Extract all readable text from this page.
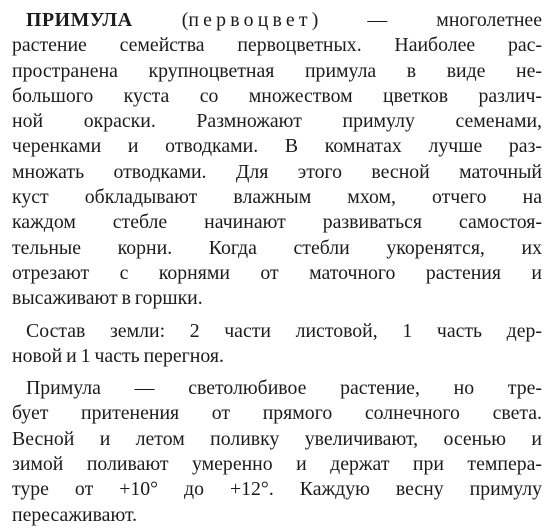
ПРИМУЛА (первоцвет) — многолетнее
растение семейства первоцветных. Наиболее рас-
пространена крупноцветная примула в виде не-
большого куста со множеством цветков различ-
ной окраски. Размножают примулу семенами,
черенками и отводками. В комнатах лучше раз-
множать отводками. Для этого весной маточный
куст обкладывают влажным мхом, отчего на
каждом стебле начинают развиваться самостоя-
тельные корни. Когда стебли укоренятся, их
отрезают с корнями от маточного растения и
высаживают в горшки.
Состав земли: 2 части листовой, 1 часть дер-
новой и 1 часть перегноя.
Примула — светолюбивое растение, но тре-
бует притенения от прямого солнечного света.
Весной и летом поливку увеличивают, осенью и
зимой поливают умеренно и держат при темпера-
туре от +10° до +12°. Каждую весну примулу
пересаживают.
